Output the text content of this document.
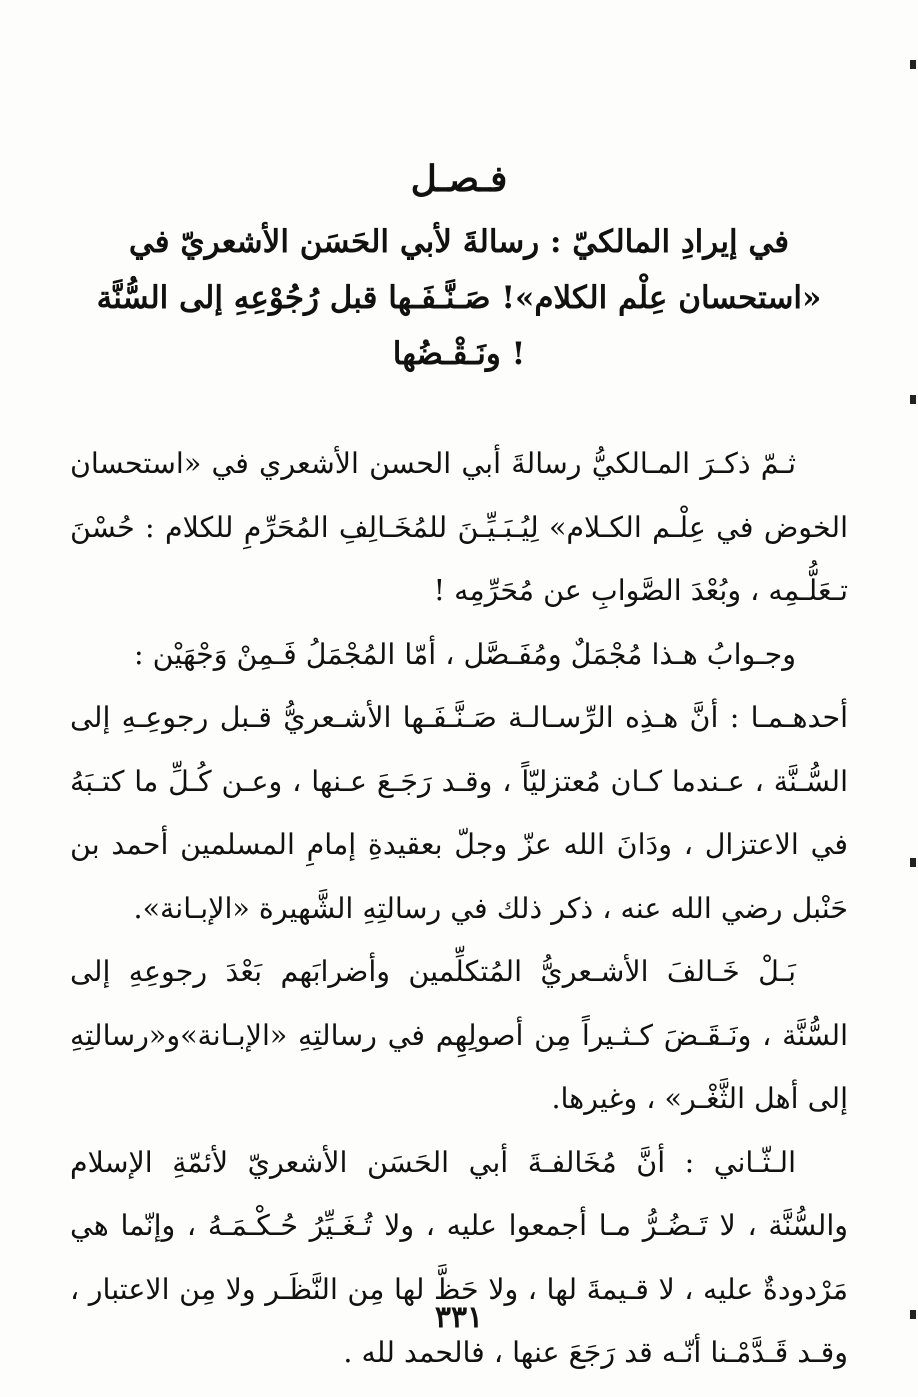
فـصـل
في إيرادِ المالكيّ : رسالةَ لأبي الحَسَن الأشعريّ في «استحسان عِلْم الكلام»! صَـنَّـفَـها قبل رُجُوْعِهِ إلى السُّنَّة ! ونَـقْـضُها

ثـمّ ذكـرَ المـالكيُّ رسالةَ أبي الحسن الأشعري في «استحسان الخوض في عِلْـم الكـلام» لِيُـبَـيِّـنَ للمُخَـالِفِ المُحَرِّمِ للكلام : حُسْنَ تـعَلُّـمِه ، وبُعْدَ الصَّوابِ عن مُحَرِّمِه !

وجـوابُ هـذا مُجْمَلٌ ومُفَـصَّل ، أمّا المُجْمَلُ فَـمِنْ وَجْهَيْن :

أحدهـمـا : أنَّ هـذِه الرِّسـالـة صَـنَّـفَـها الأشـعريُّ قـبل رجوعِـهِ إلى السُّـنَّة ، عـندما كـان مُعتزليّاً ، وقـد رَجَـعَ عـنها ، وعـن كُـلِّ ما كتـبَهُ في الاعتزال ، ودَانَ الله عزّ وجلّ بعقيدةِ إمامِ المسلمين أحمد بن حَنْبل رضي الله عنه ، ذكر ذلك في رسالتِهِ الشَّهيرة «الإبـانة».

بَـلْ خَـالفَ الأشـعريُّ المُتكلِّمين وأضرابَهم بَعْدَ رجوعِهِ إلى السُّنَّة ، ونَـقَـضَ كـثـيراً مِن أصولِهِم في رسالتِهِ «الإبـانة»و«رسالتِهِ إلى أهل الثَّغْـر» ، وغيرها.

الـثّـاني : أنَّ مُخَالفـةَ أبي الحَسَن الأشعريّ لأئمّةِ الإسلام والسُّنَّة ، لا تَـضُـرُّ مـا أجمعوا عليه ، ولا تُـغَـيِّرُ حُـكْـمَـهُ ، وإنّما هي مَرْدودةٌ عليه ، لا قـيمةَ لها ، ولا حَظَّ لها مِن النَّظَـر ولا مِن الاعتبار ، وقـد قَـدَّمْـنا أنّـه قد رَجَعَ عنها ، فالحمد لله .

٣٣١
